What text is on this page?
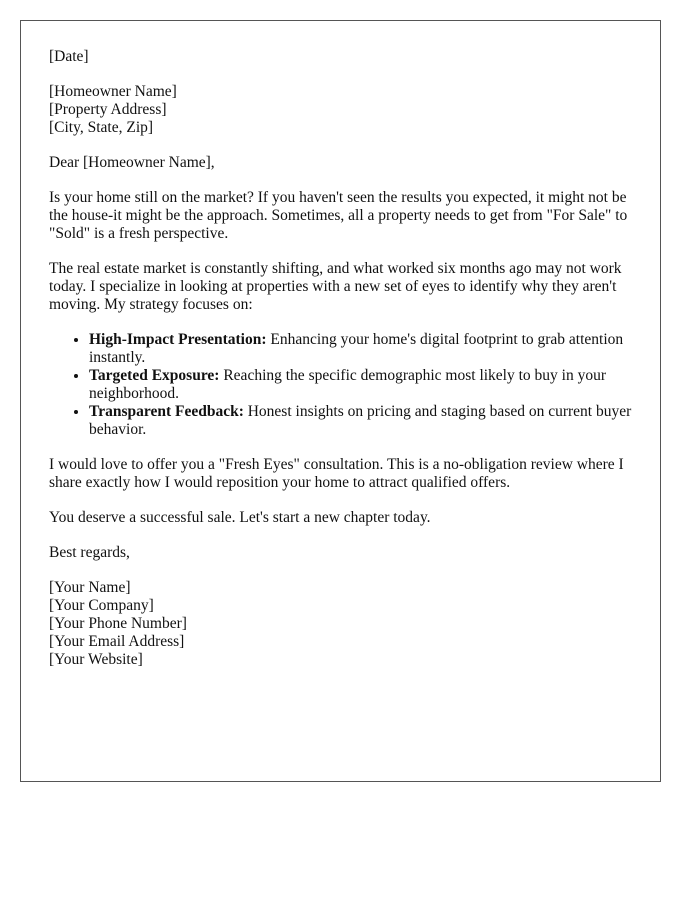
[Date]

[Homeowner Name]
[Property Address]
[City, State, Zip]

Dear [Homeowner Name],

Is your home still on the market? If you haven't seen the results you expected, it might not be the house-it might be the approach. Sometimes, all a property needs to get from "For Sale" to "Sold" is a fresh perspective.

The real estate market is constantly shifting, and what worked six months ago may not work today. I specialize in looking at properties with a new set of eyes to identify why they aren't moving. My strategy focuses on:

• High-Impact Presentation: Enhancing your home's digital footprint to grab attention instantly.
• Targeted Exposure: Reaching the specific demographic most likely to buy in your neighborhood.
• Transparent Feedback: Honest insights on pricing and staging based on current buyer behavior.

I would love to offer you a "Fresh Eyes" consultation. This is a no-obligation review where I share exactly how I would reposition your home to attract qualified offers.

You deserve a successful sale. Let's start a new chapter today.

Best regards,

[Your Name]
[Your Company]
[Your Phone Number]
[Your Email Address]
[Your Website]
